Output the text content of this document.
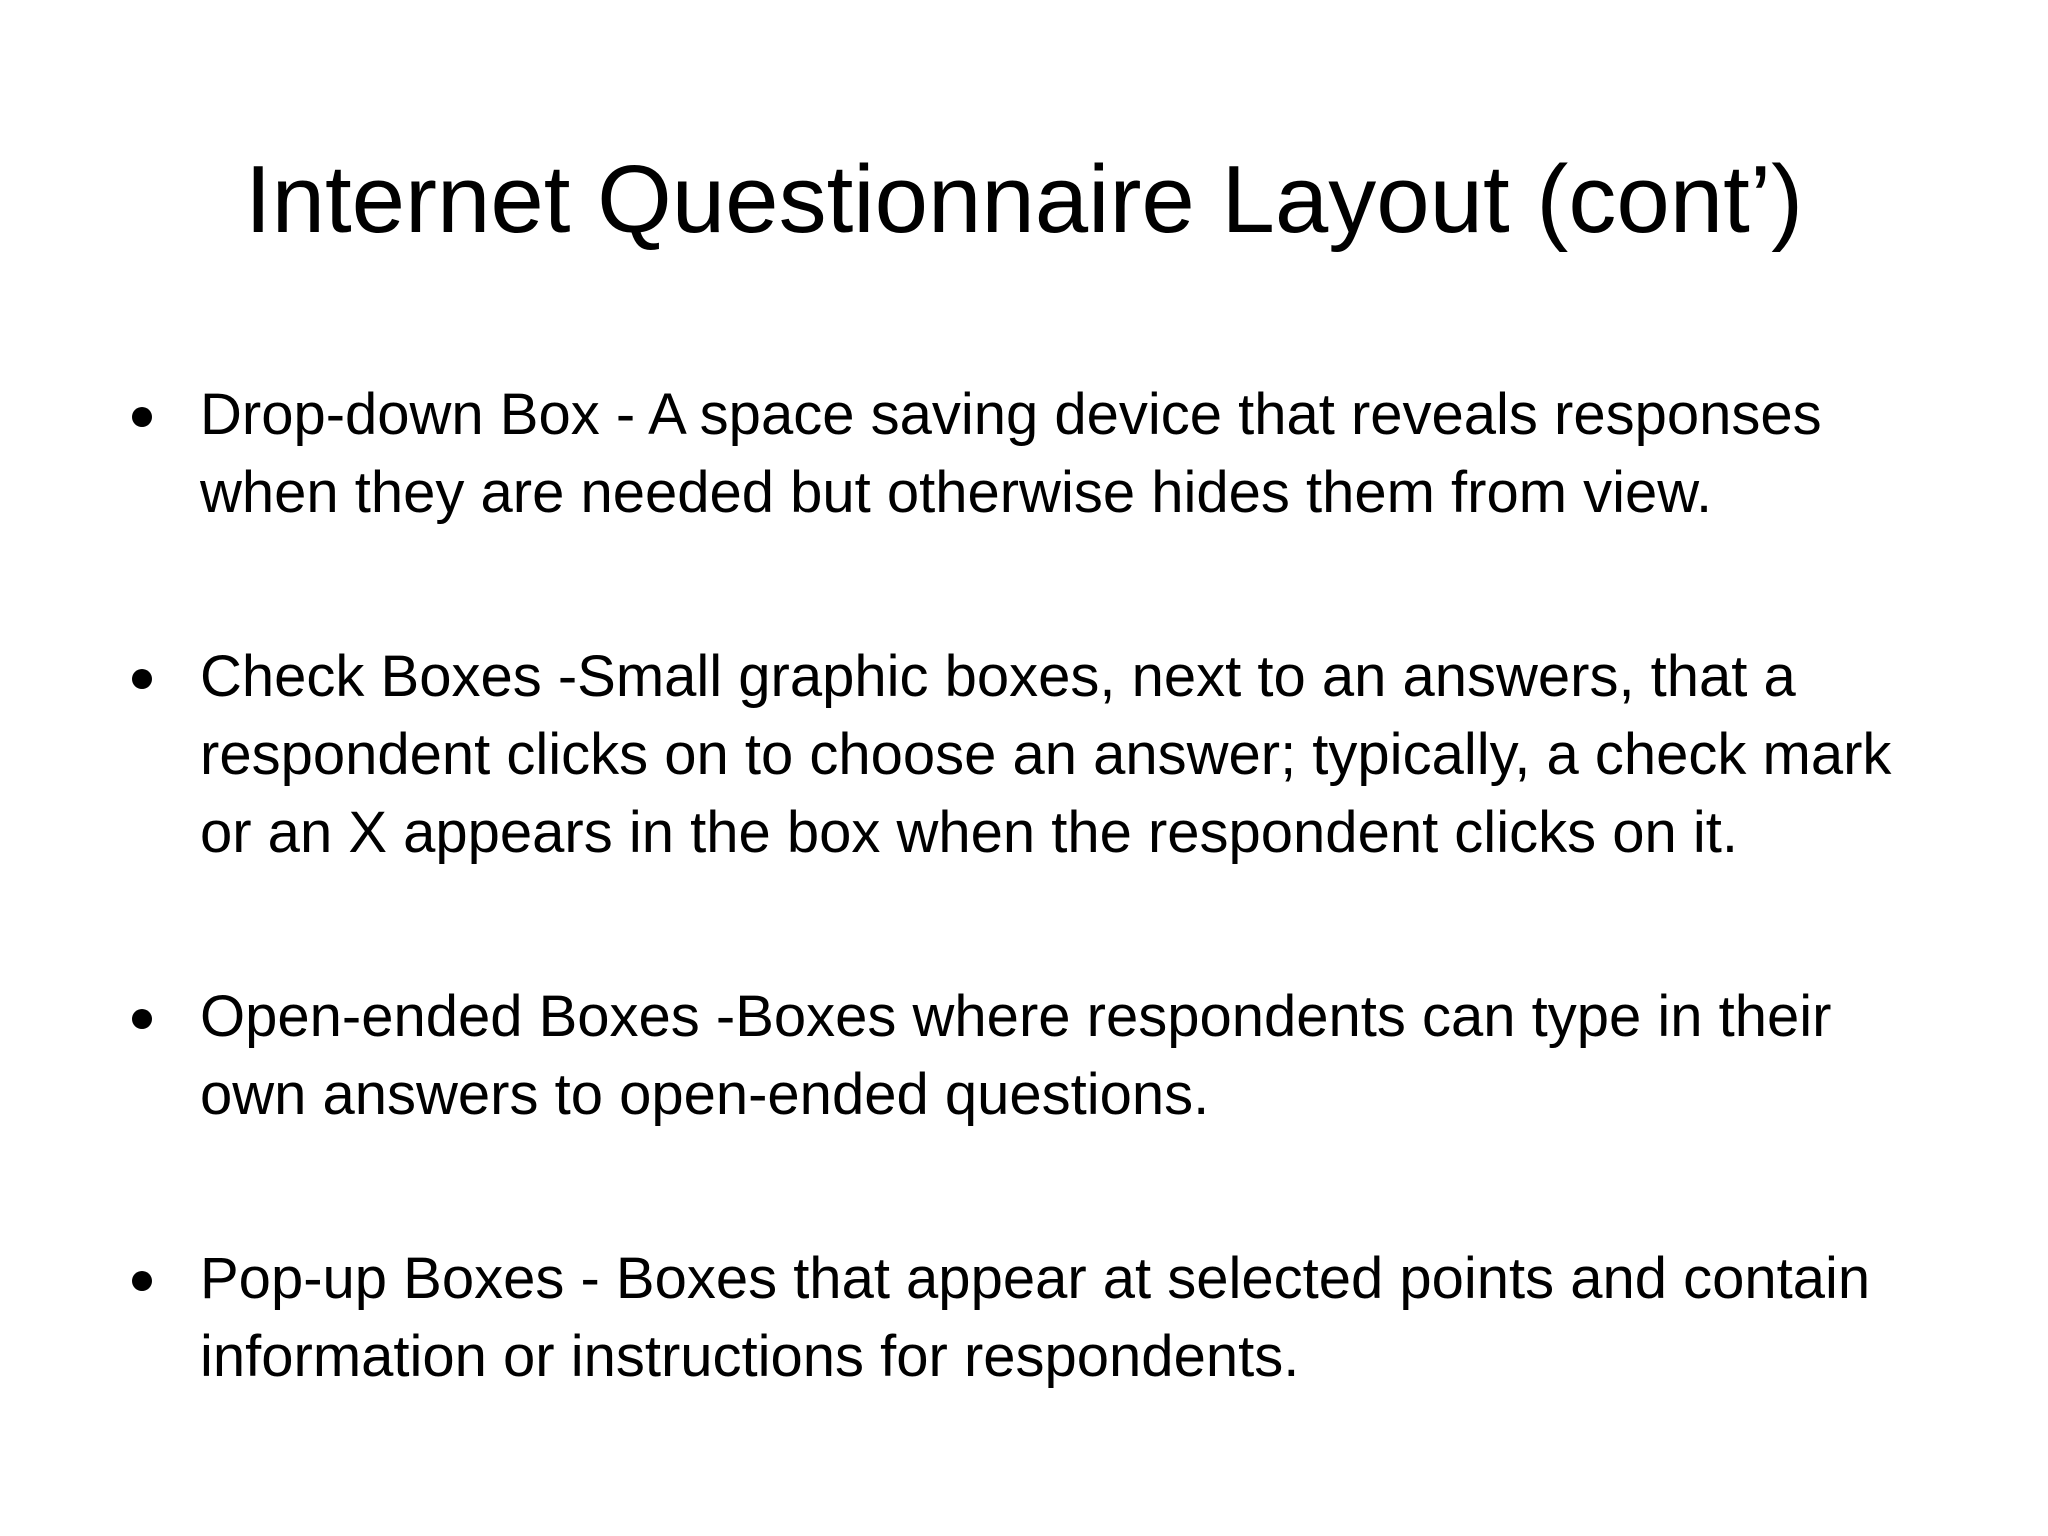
Internet Questionnaire Layout (cont’)
Drop-down Box - A space saving device that reveals responses
when they are needed but otherwise hides them from view.
Check Boxes -Small graphic boxes, next to an answers, that a
respondent clicks on to choose an answer; typically, a check mark
or an X appears in the box when the respondent clicks on it.
Open-ended Boxes -Boxes where respondents can type in their
own answers to open-ended questions.
Pop-up Boxes - Boxes that appear at selected points and contain
information or instructions for respondents.
